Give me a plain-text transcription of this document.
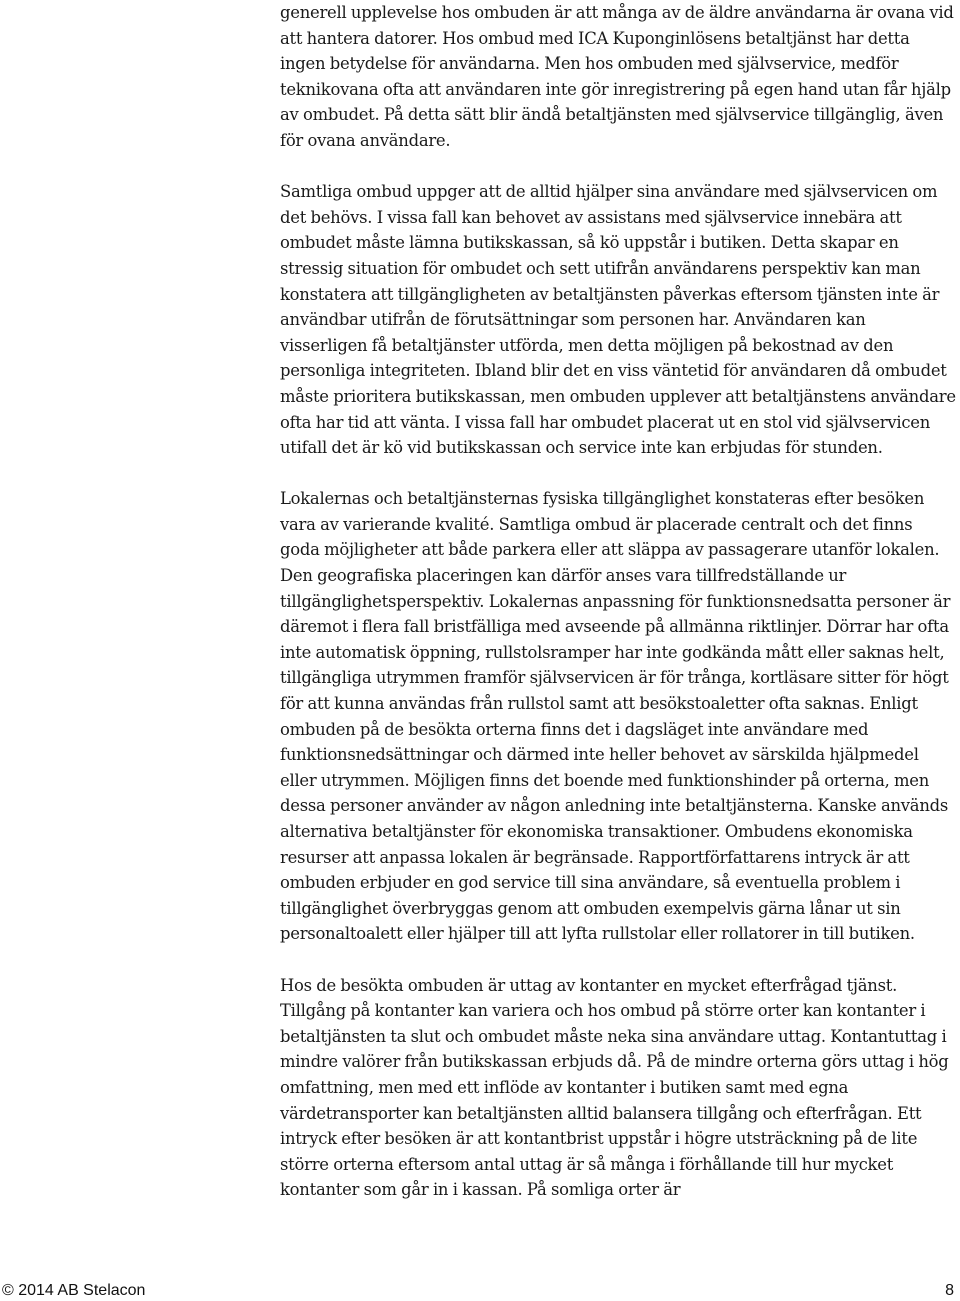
generell upplevelse hos ombuden är att många av de äldre användarna är ovana vid att hantera datorer. Hos ombud med ICA Kuponginlösens betaltjänst har detta ingen betydelse för användarna. Men hos ombuden med självservice, medför teknikovana ofta att användaren inte gör inregistrering på egen hand utan får hjälp av ombudet. På detta sätt blir ändå betaltjänsten med självservice tillgänglig, även för ovana användare.

Samtliga ombud uppger att de alltid hjälper sina användare med självservicen om det behövs. I vissa fall kan behovet av assistans med självservice innebära att ombudet måste lämna butikskassan, så kö uppstår i butiken. Detta skapar en stressig situation för ombudet och sett utifrån användarens perspektiv kan man konstatera att tillgängligheten av betaltjänsten påverkas eftersom tjänsten inte är användbar utifrån de förutsättningar som personen har. Användaren kan visserligen få betaltjänster utförda, men detta möjligen på bekostnad av den personliga integriteten. Ibland blir det en viss väntetid för användaren då ombudet måste prioritera butikskassan, men ombuden upplever att betaltjänstens användare ofta har tid att vänta. I vissa fall har ombudet placerat ut en stol vid självservicen utifall det är kö vid butikskassan och service inte kan erbjudas för stunden.

Lokalernas och betaltjänsternas fysiska tillgänglighet konstateras efter besöken vara av varierande kvalité. Samtliga ombud är placerade centralt och det finns goda möjligheter att både parkera eller att släppa av passagerare utanför lokalen. Den geografiska placeringen kan därför anses vara tillfredställande ur tillgänglighetsperspektiv. Lokalernas anpassning för funktionsnedsatta personer är däremot i flera fall bristfälliga med avseende på allmänna riktlinjer. Dörrar har ofta inte automatisk öppning, rullstolsramper har inte godkända mått eller saknas helt, tillgängliga utrymmen framför självservicen är för trånga, kortläsare sitter för högt för att kunna användas från rullstol samt att besökstoaletter ofta saknas. Enligt ombuden på de besökta orterna finns det i dagsläget inte användare med funktionsnedsättningar och därmed inte heller behovet av särskilda hjälpmedel eller utrymmen. Möjligen finns det boende med funktionshinder på orterna, men dessa personer använder av någon anledning inte betaltjänsterna. Kanske används alternativa betaltjänster för ekonomiska transaktioner. Ombudens ekonomiska resurser att anpassa lokalen är begränsade. Rapportförfattarens intryck är att ombuden erbjuder en god service till sina användare, så eventuella problem i tillgänglighet överbryggas genom att ombuden exempelvis gärna lånar ut sin personaltoalett eller hjälper till att lyfta rullstolar eller rollatorer in till butiken.

Hos de besökta ombuden är uttag av kontanter en mycket efterfrågad tjänst. Tillgång på kontanter kan variera och hos ombud på större orter kan kontanter i betaltjänsten ta slut och ombudet måste neka sina användare uttag. Kontantuttag i mindre valörer från butikskassan erbjuds då. På de mindre orterna görs uttag i hög omfattning, men med ett inflöde av kontanter i butiken samt med egna värdetransporter kan betaltjänsten alltid balansera tillgång och efterfrågan. Ett intryck efter besöken är att kontantbrist uppstår i högre utsträckning på de lite större orterna eftersom antal uttag är så många i förhållande till hur mycket kontanter som går in i kassan. På somliga orter är

© 2014 AB Stelacon	8
